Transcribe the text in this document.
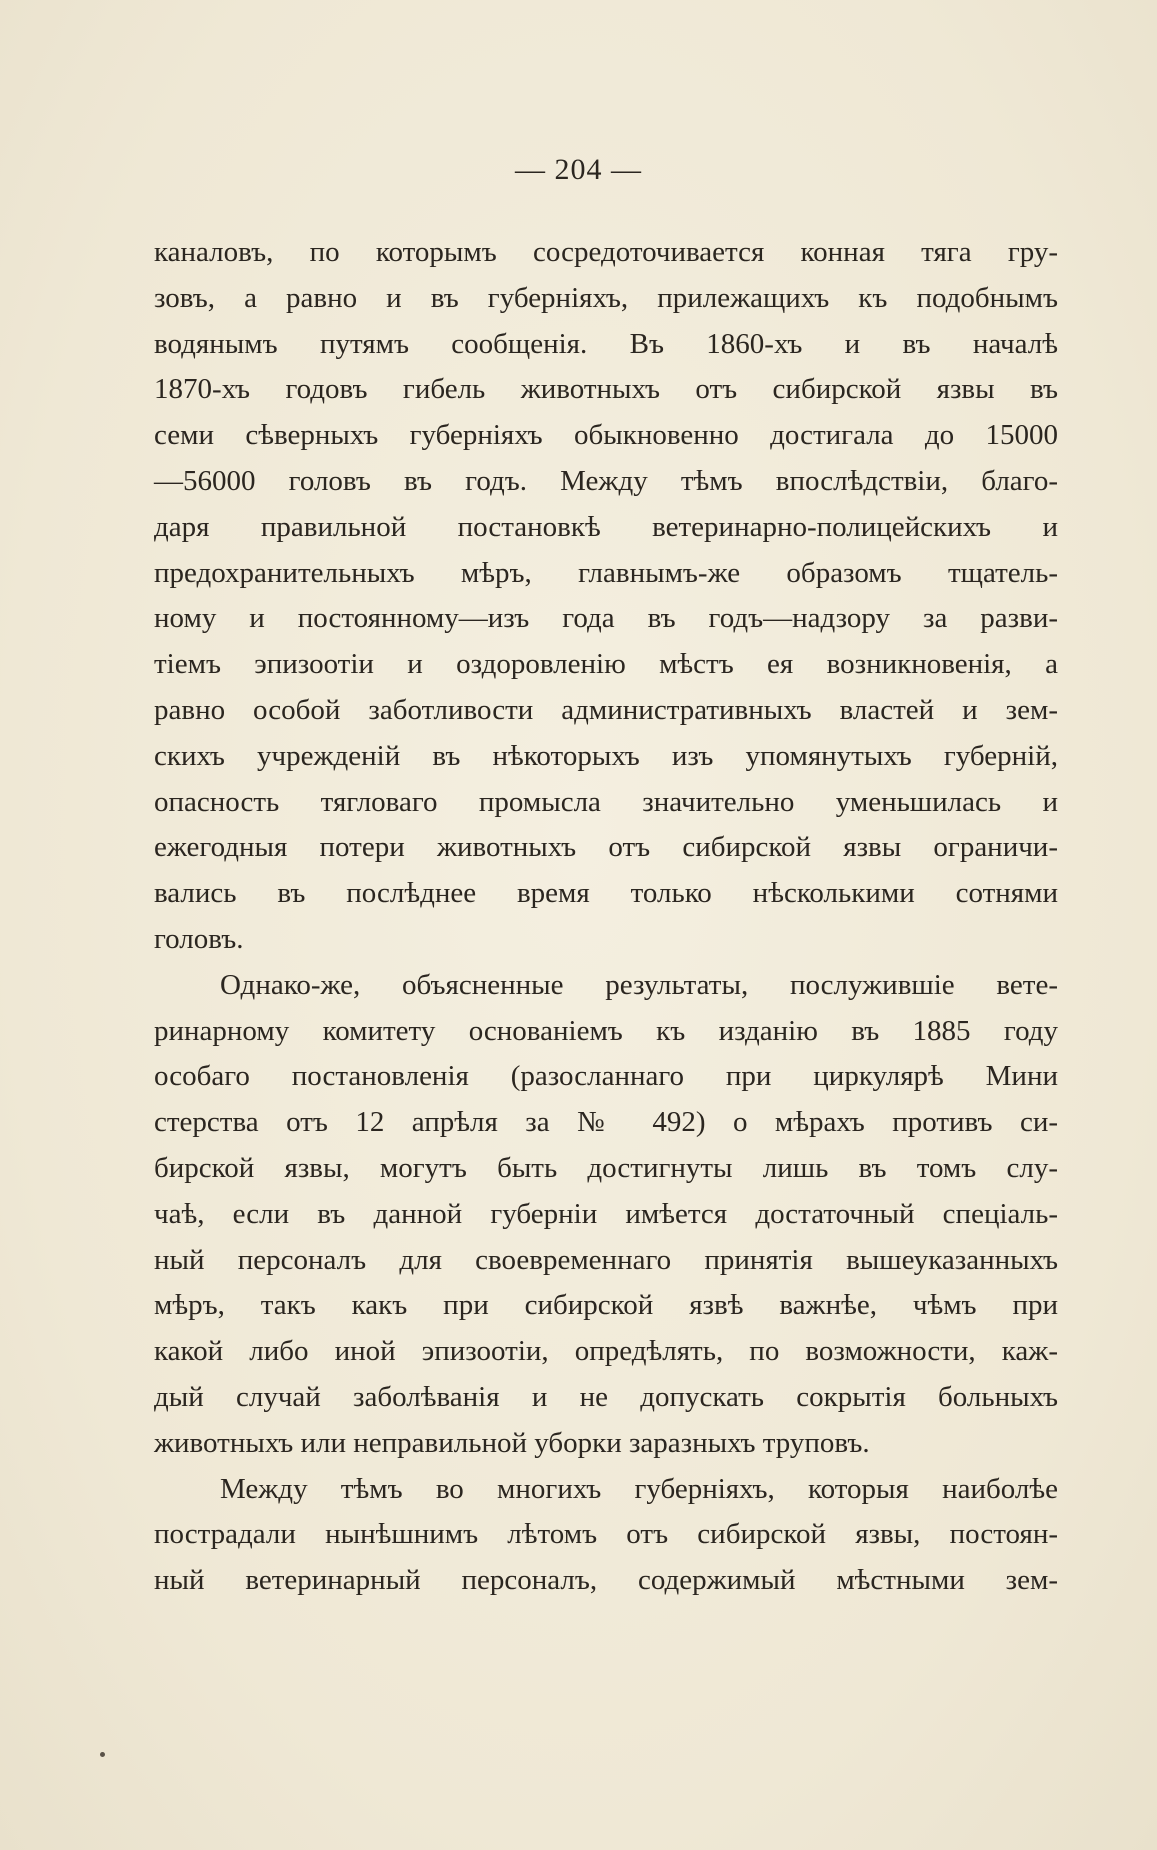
— 204 —
каналовъ, по которымъ сосредоточивается конная тяга гру-
зовъ, а равно и въ губерніяхъ, прилежащихъ къ подобнымъ
водянымъ путямъ сообщенія. Въ 1860-хъ и въ началѣ
1870-хъ годовъ гибель животныхъ отъ сибирской язвы въ
семи сѣверныхъ губерніяхъ обыкновенно достигала до 15000
—56000 головъ въ годъ. Между тѣмъ впослѣдствіи, благо-
даря правильной постановкѣ ветеринарно-полицейскихъ и
предохранительныхъ мѣръ, главнымъ-же образомъ тщатель-
ному и постоянному—изъ года въ годъ—надзору за разви-
тіемъ эпизоотіи и оздоровленію мѣстъ ея возникновенія, а
равно особой заботливости административныхъ властей и зем-
скихъ учрежденій въ нѣкоторыхъ изъ упомянутыхъ губерній,
опасность тягловаго промысла значительно уменьшилась и
ежегодныя потери животныхъ отъ сибирской язвы ограничи-
вались въ послѣднее время только нѣсколькими сотнями
головъ.
Однако-же, объясненные результаты, послужившіе вете-
ринарному комитету основаніемъ къ изданію въ 1885 году
особаго постановленія (разосланнаго при циркулярѣ Мини
стерства отъ 12 апрѣля за № 492) о мѣрахъ противъ си-
бирской язвы, могутъ быть достигнуты лишь въ томъ слу-
чаѣ, если въ данной губерніи имѣется достаточный спеціаль-
ный персоналъ для своевременнаго принятія вышеуказанныхъ
мѣръ, такъ какъ при сибирской язвѣ важнѣе, чѣмъ при
какой либо иной эпизоотіи, опредѣлять, по возможности, каж-
дый случай заболѣванія и не допускать сокрытія больныхъ
животныхъ или неправильной уборки заразныхъ труповъ.
Между тѣмъ во многихъ губерніяхъ, которыя наиболѣе
пострадали нынѣшнимъ лѣтомъ отъ сибирской язвы, постоян-
ный ветеринарный персоналъ, содержимый мѣстными зем-
